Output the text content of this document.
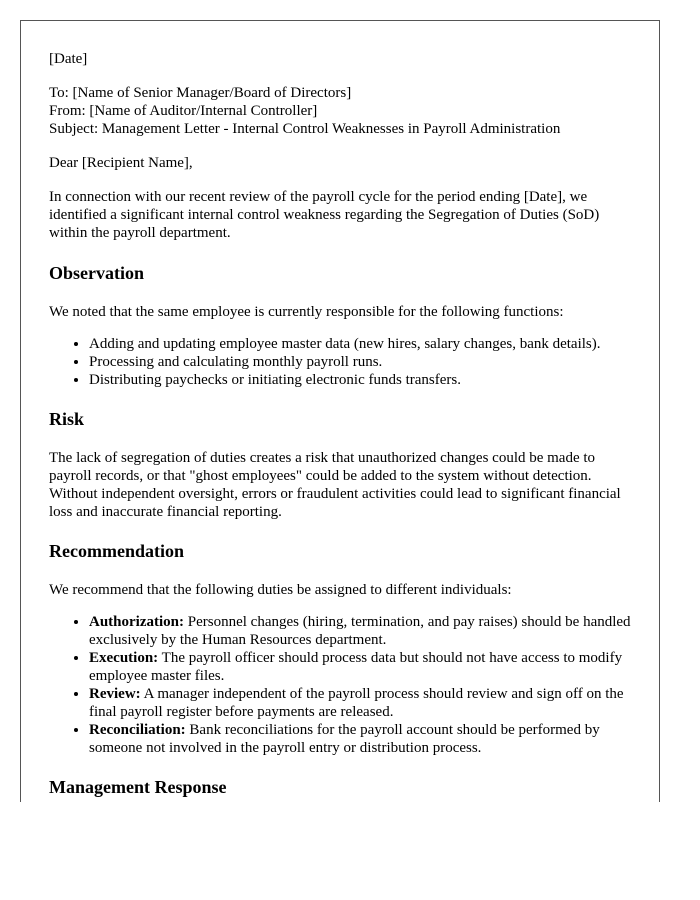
[Date]

To: [Name of Senior Manager/Board of Directors]

From: [Name of Auditor/Internal Controller]

Subject: Management Letter - Internal Control Weaknesses in Payroll Administration

Dear [Recipient Name],

In connection with our recent review of the payroll cycle for the period ending [Date], we identified a significant internal control weakness regarding the Segregation of Duties (SoD) within the payroll department.

Observation

We noted that the same employee is currently responsible for the following functions:

• Adding and updating employee master data (new hires, salary changes, bank details).
• Processing and calculating monthly payroll runs.
• Distributing paychecks or initiating electronic funds transfers.
Risk

The lack of segregation of duties creates a risk that unauthorized changes could be made to payroll records, or that "ghost employees" could be added to the system without detection. Without independent oversight, errors or fraudulent activities could lead to significant financial loss and inaccurate financial reporting.

Recommendation

We recommend that the following duties be assigned to different individuals:

• Authorization: Personnel changes (hiring, termination, and pay raises) should be handled exclusively by the Human Resources department.
• Execution: The payroll officer should process data but should not have access to modify employee master files.
• Review: A manager independent of the payroll process should review and sign off on the final payroll register before payments are released.
• Reconciliation: Bank reconciliations for the payroll account should be performed by someone not involved in the payroll entry or distribution process.
Management Response
